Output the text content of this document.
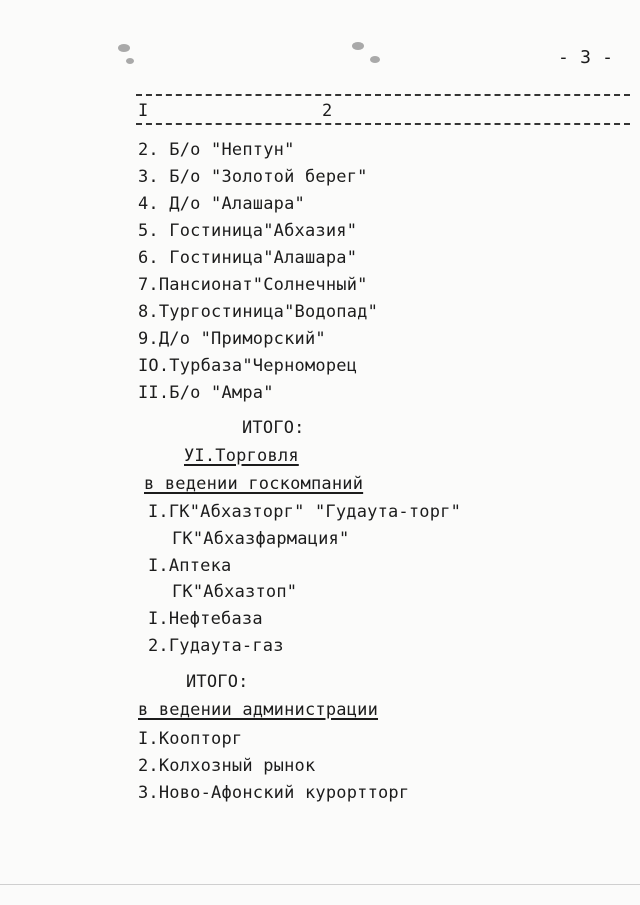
- 3 -
I	2
2. Б/о "Нептун"
3. Б/о "Золотой берег"
4. Д/о "Алашара"
5. Гостиница"Абхазия"
6. Гостиница"Алашара"
7.Пансионат"Солнечный"
8.Тургостиница"Водопад"
9.Д/о "Приморский"
IO.Турбаза"Черноморец
II.Б/о "Амра"
ИТОГО:
УI.Торговля
в ведении госкомпаний
I.ГК"Абхазторг" "Гудаута-торг"
ГК"Абхазфармация"
I.Аптека
ГК"Абхазтоп"
I.Нефтебаза
2.Гудаута-газ
ИТОГО:
в ведении администрации
I.Коопторг
2.Колхозный рынок
3.Ново-Афонский курортторг
